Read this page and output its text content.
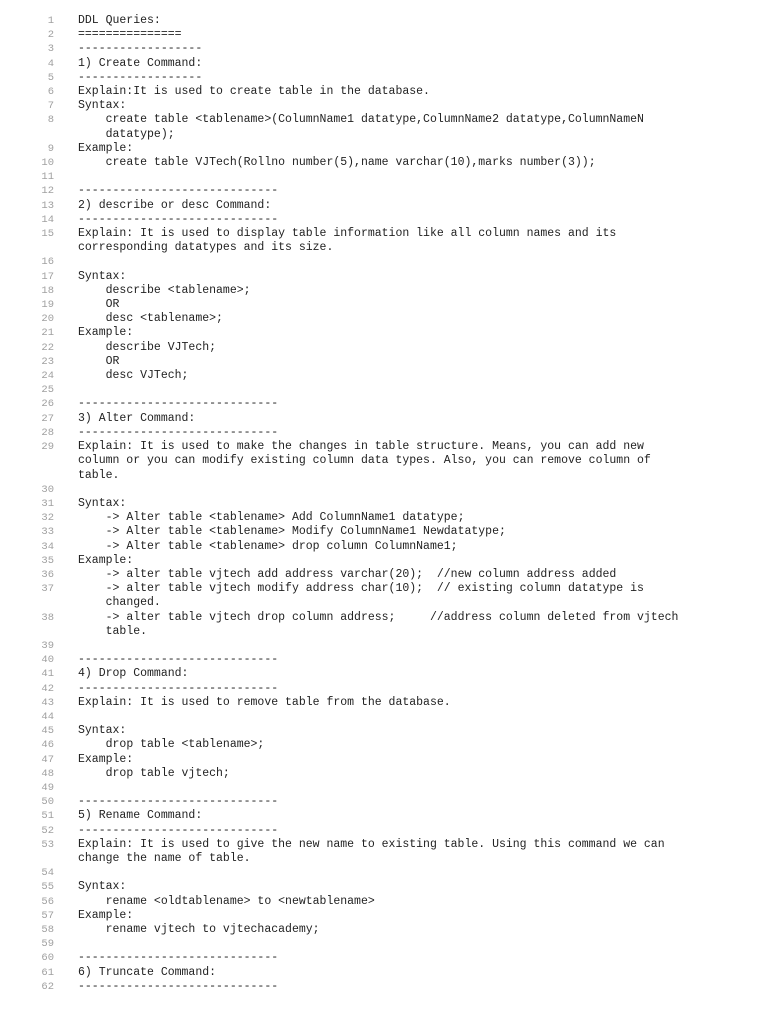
1 DDL Queries:
2 ===============
3 ------------------
4 1) Create Command:
5 ------------------
6 Explain:It is used to create table in the database.
7 Syntax:
8	create table <tablename>(ColumnName1 datatype,ColumnName2 datatype,ColumnNameN
datatype);
9 Example:
10 create table VJTech(Rollno number(5),name varchar(10),marks number(3));
11

12 -----------------------------
13 2) describe or desc Command:
14 -----------------------------
15 Explain: It is used to display table information like all column names and its
corresponding datatypes and its size.
16

17 Syntax:
18 describe <tablename>;
19 OR
20 desc <tablename>;
21 Example:
22 describe VJTech;
23 OR
24 desc VJTech;
25

26 -----------------------------
27 3) Alter Command:
28 -----------------------------
29 Explain: It is used to make the changes in table structure. Means, you can add new
column or you can modify existing column data types. Also, you can remove column of
table.
30

31 Syntax:
32 -> Alter table <tablename> Add ColumnName1 datatype;
33 -> Alter table <tablename> Modify ColumnName1 Newdatatype;
34 -> Alter table <tablename> drop column ColumnName1;
35 Example:
36 -> alter table vjtech add address varchar(20);  //new column address added
37	-> alter table vjtech modify address char(10);  // existing column datatype is
changed.
38	-> alter table vjtech drop column address;     //address column deleted from vjtech
table.
39

40 -----------------------------
41 4) Drop Command:
42 -----------------------------
43 Explain: It is used to remove table from the database.
44

45 Syntax:
46 drop table <tablename>;
47 Example:
48 drop table vjtech;
49

50 -----------------------------
51 5) Rename Command:
52 -----------------------------
53 Explain: It is used to give the new name to existing table. Using this command we can
change the name of table.
54

55 Syntax:
56 rename <oldtablename> to <newtablename>
57 Example:
58 rename vjtech to vjtechacademy;
59

60 -----------------------------
61 6) Truncate Command:
62 -----------------------------
